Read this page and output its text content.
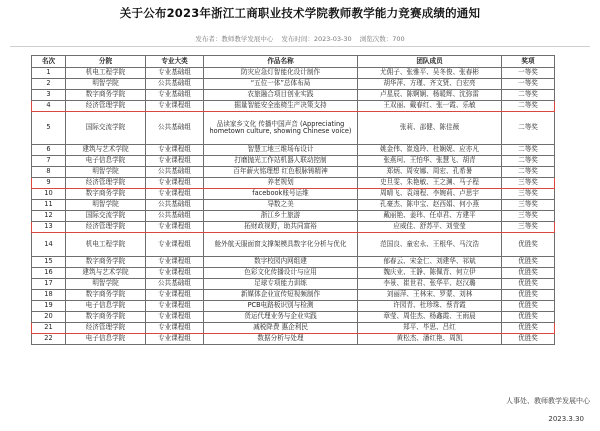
关于公布2023年浙江工商职业技术学院教师教学能力竞赛成绩的通知
发布者：教师教学发展中心 发布时间：2023-03-30 浏览次数：700
名次	分院	专业大类	作品名称	团队成员	奖项
1	机电工程学院	专业基础组	防灾应急灯智能化设计制作	尤佣子、张雅平、吴冬俊、张春彬	一等奖
2	明智学院	公共基础组	“五位一体”总体布局	胡华萍、方瑾、齐文贤、白宏亮	一等奖
3	数字商务学院	专业基础组	农旅融合项目创业实践	卢星辰、陈婀娴、杨暖辉、沈弥雷	二等奖
4	经济管理学院	专业课程组	掘量智能安全座椅生产决策支持	王双丽、戴春红、张一霞、乐敏	二等奖
5	国际交流学院	公共基础组	品读家乡文化 传播中国声音 (Appreciating hometown culture, showing Chinese voice)	张莉、邵健、陈佳薇	二等奖
6	建筑与艺术学院	专业课程组	智慧工地三维场布设计	姚金伟、崔逸玲、杜娴妮、应亦凡	二等奖
7	电子信息学院	专业课程组	打磨抛光工作站机器人联动控制	张燕珂、王怕华、张慧飞、胡青	二等奖
8	明智学院	公共基础组	百年薪火铭理想 红色根脉铸精神	郑炳、周安娜、周宏、孔希暑	二等奖
9	经济管理学院	专业课程组	养老规划	史旦雯、朱艳敏、王之渊、马子程	三等奖
10	数字商务学院	专业课程组	facebook账号运维	周晴飞、袁翊程、李婉莉、卢思宇	三等奖
11	明智学院	公共基础组	导数之美	孔豪杰、陈申宝、赵西娟、何小燕	三等奖
12	国际交流学院	公共基础组	浙江乡土旅游	戴丽艳、姜玮、任卓君、方建平	三等奖
13	经济管理学院	专业课程组	拓财政视野，助共同富裕	应威佳、舒苏平、刘莹莹	三等奖
14	机电工程学院	专业课程组	舱外航天服面窗支撑架模具数字化分析与优化	范国良、童宏永、王根华、马汶浩	优胜奖
15	数字商务学院	专业课程组	数字校园内网组建	郁春云、宋金仁、刘建华、祁斌	优胜奖
16	建筑与艺术学院	专业课程组	色彩文化传播设计与应用	魏庆业、王静、陈佩青、何立伊	优胜奖
17	明智学院	公共基础组	足球专项能力训练	李景、崔世君、张华平、赵汉璐	优胜奖
18	数字商务学院	专业课程组	新媒体企业宣传短视频制作	刘丽萍、王林宋、罗蒙、刘林	优胜奖
19	电子信息学院	专业课程组	PCB电路板识别与检测	许园青、杜珍珠、蔡青霞	优胜奖
20	数字商务学院	专业课程组	货运代理业务与企业实践	章莹、周佳杰、杨鑫霞、王雨晨	优胜奖
21	经济管理学院	专业课程组	减税降费 惠企利民	郑平、毕思、吕红	优胜奖
22	电子信息学院	专业课程组	数据分析与处理	黄松杰、潘红艳、周凯	优胜奖
人事处、教师教学发展中心
2023.3.30
